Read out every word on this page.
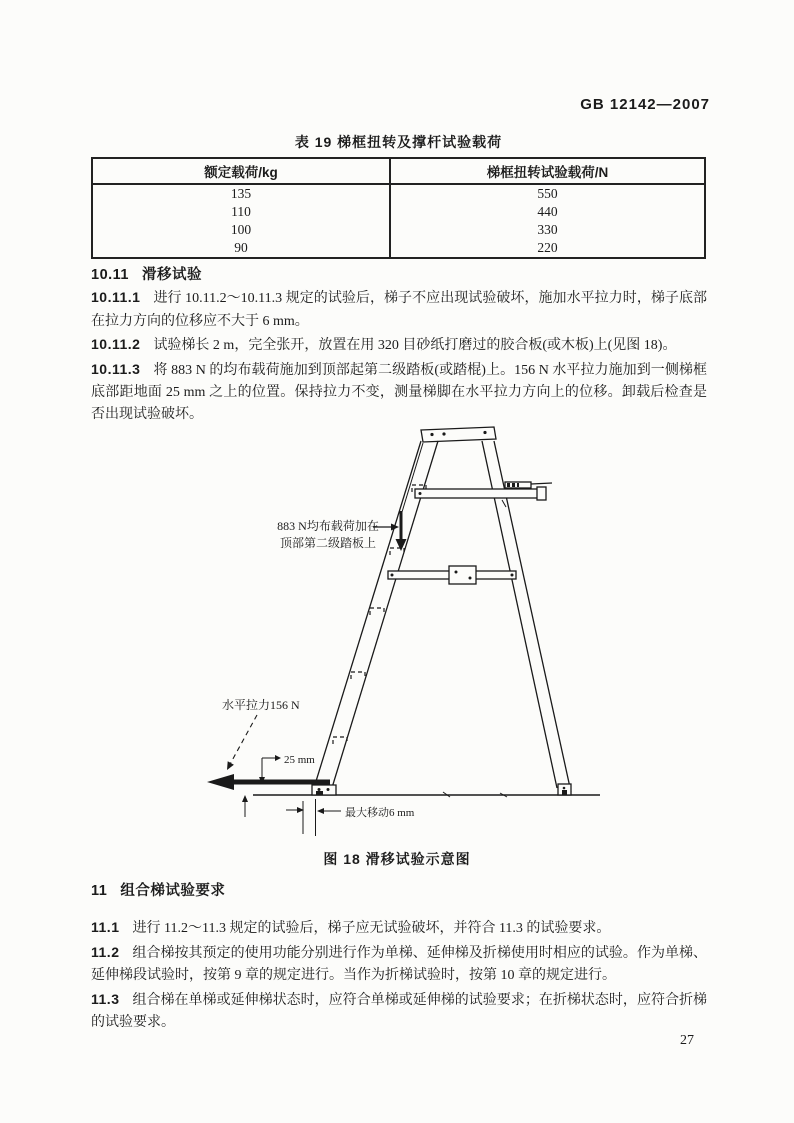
GB 12142—2007
表 19 梯框扭转及撑杆试验载荷
额定载荷/kg	梯框扭转试验载荷/N
135	550
110	440
100	330
90	220

10.11 滑移试验

10.11.1 进行 10.11.2～10.11.3 规定的试验后，梯子不应出现试验破坏，施加水平拉力时，梯子底部在拉力方向的位移应不大于 6 mm。

10.11.2 试验梯长 2 m，完全张开，放置在用 320 目砂纸打磨过的胶合板(或木板)上(见图 18)。

10.11.3 将 883 N 的均布载荷施加到顶部起第二级踏板(或踏棍)上。156 N 水平拉力施加到一侧梯框底部距地面 25 mm 之上的位置。保持拉力不变，测量梯脚在水平拉力方向上的位移。卸载后检查是否出现试验破坏。

883 N均布载荷加在
顶部第二级踏板上
水平拉力156 N
25 mm
最大移动6 mm
图 18 滑移试验示意图

11 组合梯试验要求

11.1 进行 11.2～11.3 规定的试验后，梯子应无试验破坏，并符合 11.3 的试验要求。

11.2 组合梯按其预定的使用功能分别进行作为单梯、延伸梯及折梯使用时相应的试验。作为单梯、延伸梯段试验时，按第 9 章的规定进行。当作为折梯试验时，按第 10 章的规定进行。

11.3 组合梯在单梯或延伸梯状态时，应符合单梯或延伸梯的试验要求；在折梯状态时，应符合折梯的试验要求。

27
